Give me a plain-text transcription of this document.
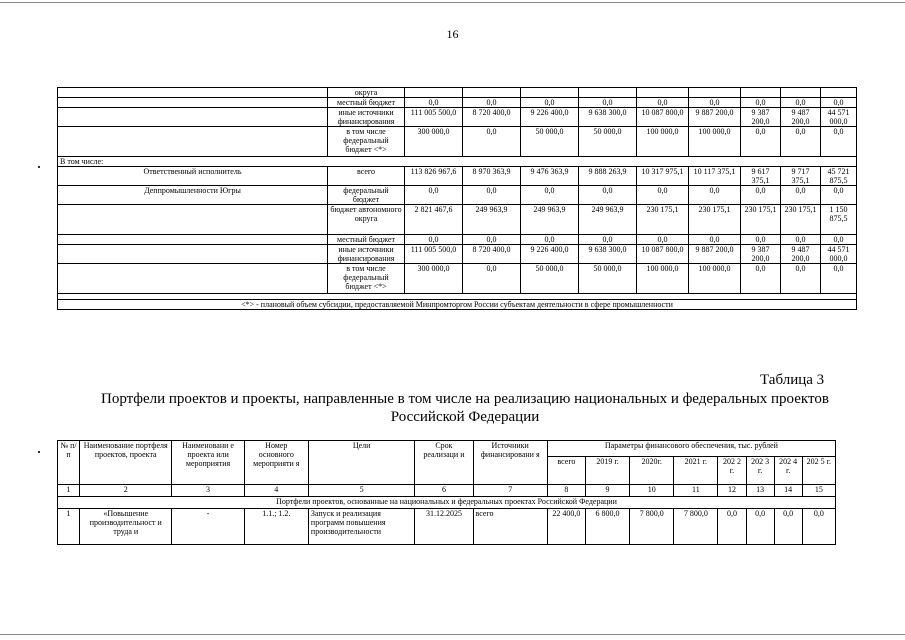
16
	округа									
	местный бюджет	0,0	0,0	0,0	0,0	0,0	0,0	0,0	0,0	0,0
	иные источники финансирования	111 005 500,0	8 720 400,0	9 226 400,0	9 638 300,0	10 087 800,0	9 887 200,0	9 387 200,0	9 487 200,0	44 571 000,0
	в том числе федеральный бюджет <*>	300 000,0	0,0	50 000,0	50 000,0	100 000,0	100 000,0	0,0	0,0	0,0
В том числе:										
Ответственный исполнитель	всего	113 826 967,6	8 970 363,9	9 476 363,9	9 888 263,9	10 317 975,1	10 117 375,1	9 617 375,1	9 717 375,1	45 721 875,5
Деппромышленности Югры	федеральный бюджет	0,0	0,0	0,0	0,0	0,0	0,0	0,0	0,0	0,0
	бюджет автономного округа	2 821 467,6	249 963,9	249 963,9	249 963,9	230 175,1	230 175,1	230 175,1	230 175,1	1 150 875,5
	местный бюджет	0,0	0,0	0,0	0,0	0,0	0,0	0,0	0,0	0,0
	иные источники финансирования	111 005 500,0	8 720 400,0	9 226 400,0	9 638 300,0	10 087 800,0	9 887 200,0	9 387 200,0	9 487 200,0	44 571 000,0
	в том числе федеральный бюджет <*>	300 000,0	0,0	50 000,0	50 000,0	100 000,0	100 000,0	0,0	0,0	0,0

<*> - плановый объем субсидии, предоставляемой Минпромторгом России субъектам деятельности в сфере промышленности										
Таблица 3
Портфели проектов и проекты, направленные в том числе на реализацию национальных и федеральных проектов Российской Федерации
№ п/ п	Наименование портфеля проектов, проекта	Наименовани е проекта или мероприятия	Номер основного мероприяти я	Цели	Срок реализаци и	Источники финансировани я	Параметры финансового обеспечения, тыс. рублей							
							всего	2019 г.	2020г.	2021 г.	202 2 г.	202 3 г.	202 4 г.	202 5 г.
1	2	3	4	5	6	7	8	9	10	11	12	13	14	15
Портфели проектов, основанные на национальных и федеральных проектах Российской Федерации														
1	«Повышение производительност и труда и	-	1.1.; 1.2.	Запуск и реализация программ повышения производительности	31.12.2025	всего	22 400,0	6 800,0	7 800,0	7 800,0	0,0	0,0	0,0	0,0
